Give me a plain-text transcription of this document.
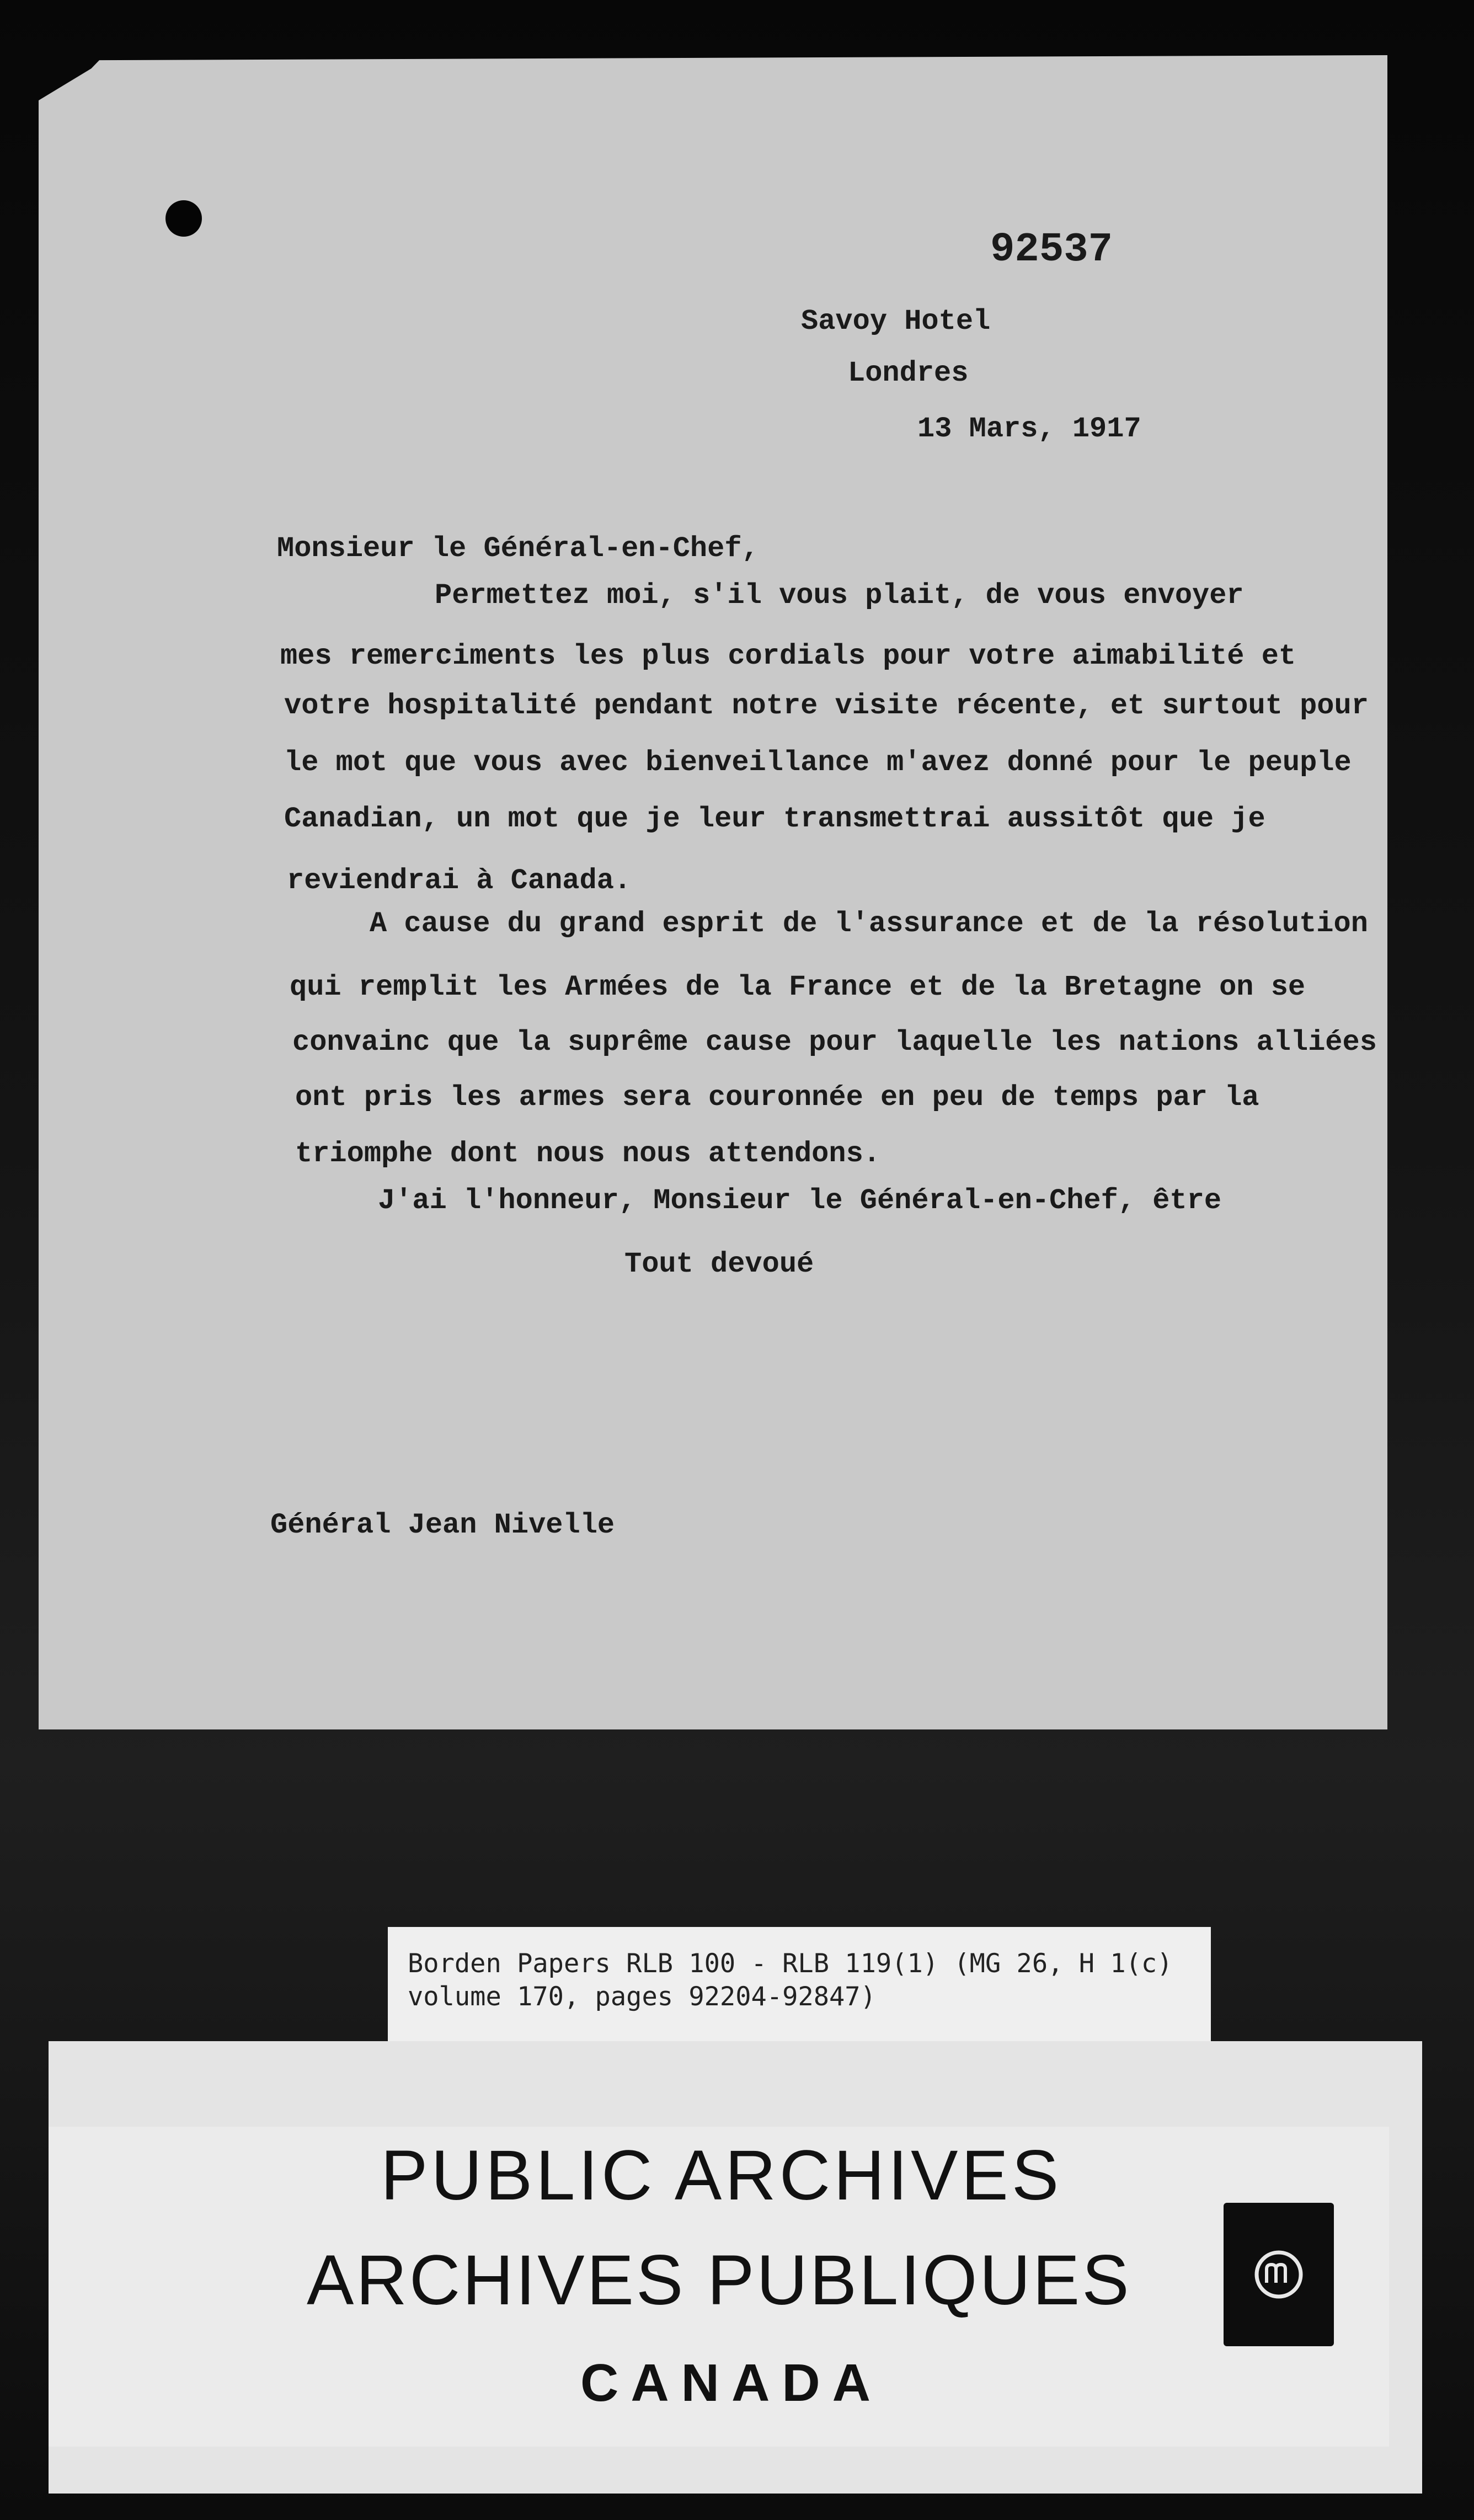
92537
Savoy Hotel
Londres
13 Mars, 1917
Monsieur le Général-en-Chef,
Permettez moi, s'il vous plait, de vous envoyer
mes remerciments les plus cordials pour votre aimabilité et
votre hospitalité pendant notre visite récente, et surtout pour
le mot que vous avec bienveillance m'avez donné pour le peuple
Canadian, un mot que je leur transmettrai aussitôt que je
reviendrai à Canada.
A cause du grand esprit de l'assurance et de la résolution
qui remplit les Armées de la France et de la Bretagne on se
convainc que la suprême cause pour laquelle les nations alliées
ont pris les armes sera couronnée en peu de temps par la
triomphe dont nous nous attendons.
J'ai l'honneur, Monsieur le Général-en-Chef, être
Tout devoué
Général Jean Nivelle
Borden Papers RLB 100 - RLB 119(1) (MG 26, H 1(c)
volume 170, pages 92204-92847)
PUBLIC ARCHIVES
ARCHIVES PUBLIQUES
CANADA
